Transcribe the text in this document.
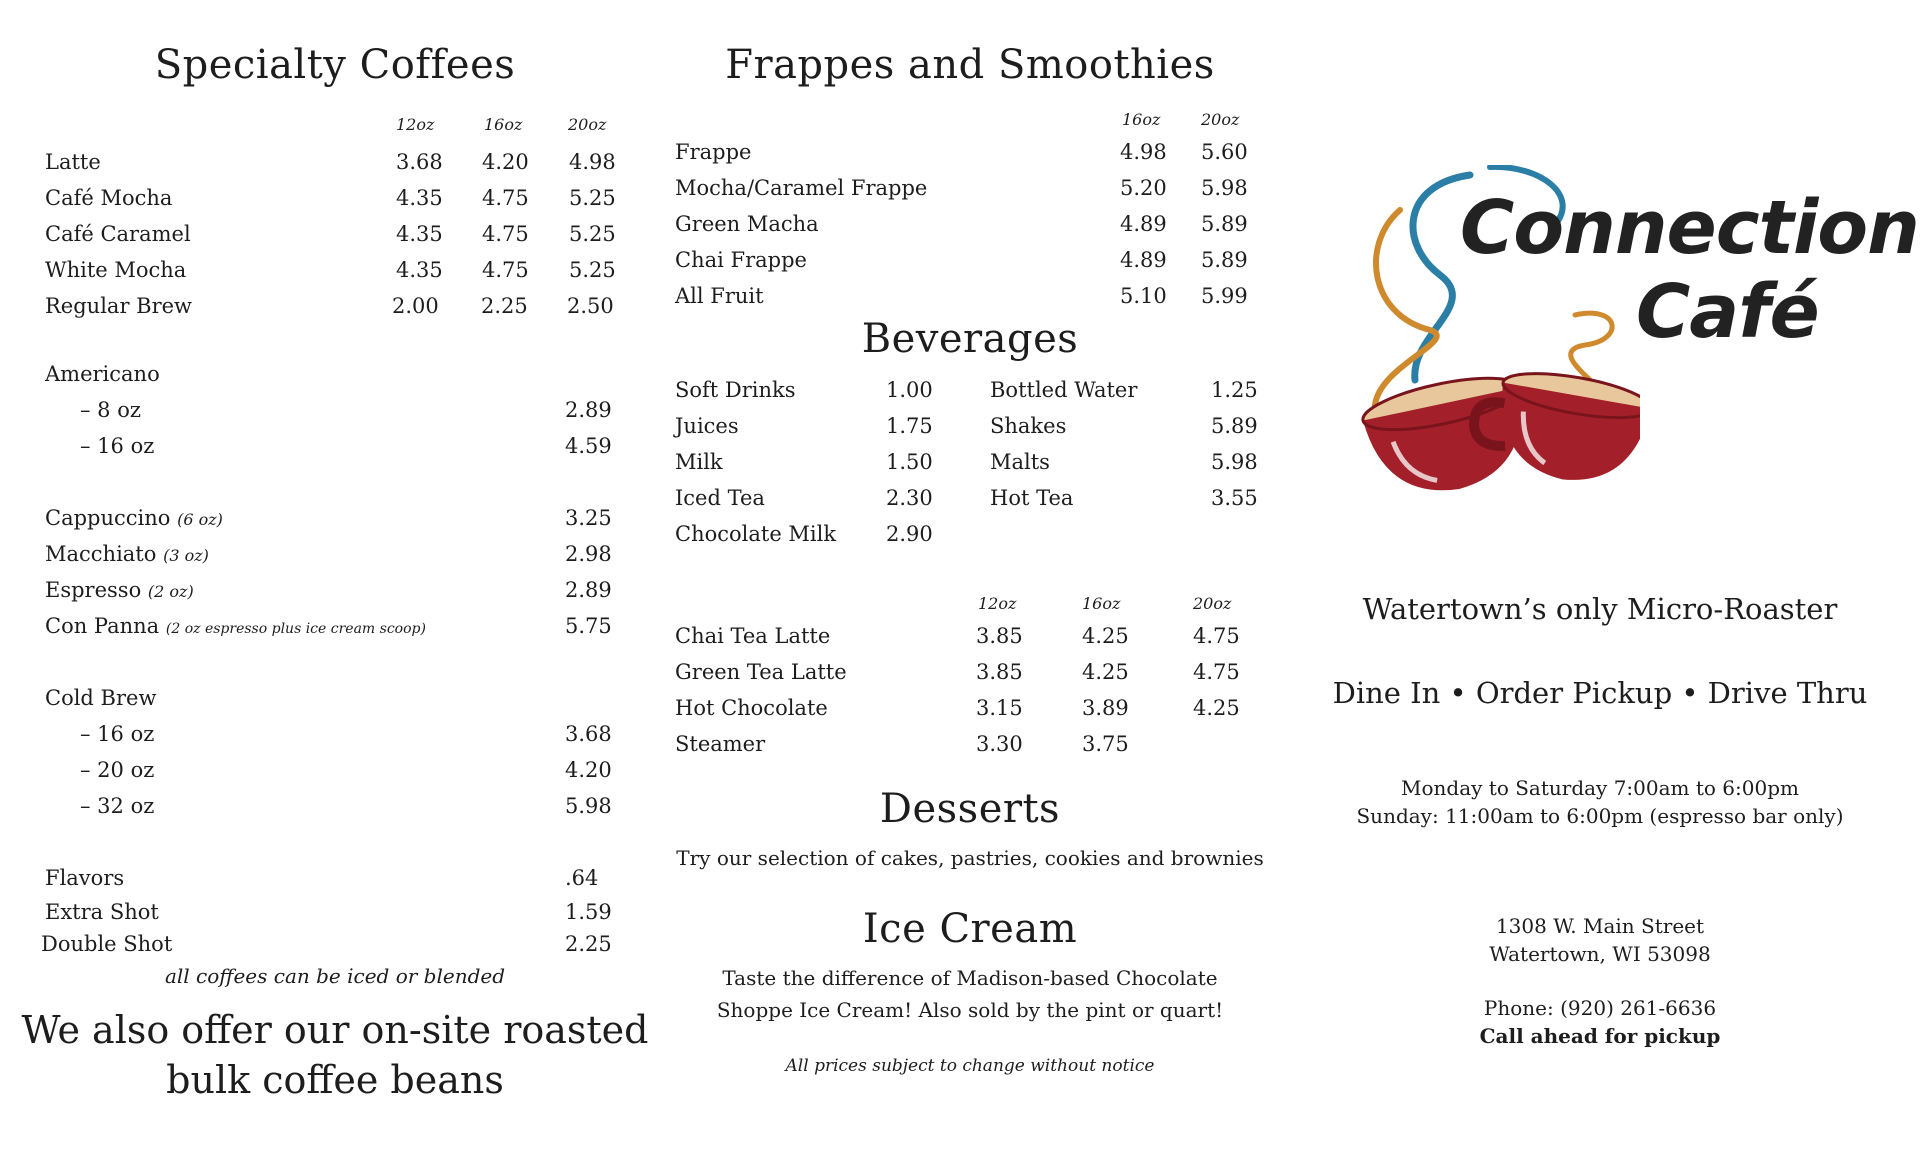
Specialty Coffees
12oz	16oz	20oz
Latte	3.68 4.20 4.98
Café Mocha	4.35 4.75 5.25
Café Caramel	4.35 4.75 5.25
White Mocha	4.35 4.75 5.25
Regular Brew	2.00 2.25 2.50
Americano
– 8 oz	2.89
– 16 oz	4.59
Cappuccino (6 oz)	3.25
Macchiato (3 oz)	2.98
Espresso (2 oz)	2.89
Con Panna (2 oz espresso plus ice cream scoop)	5.75
Cold Brew
– 16 oz	3.68
– 20 oz	4.20
– 32 oz	5.98
Flavors	.64
Extra Shot	1.59
Double Shot	2.25
all coffees can be iced or blended
We also offer our on-site roasted
bulk coffee beans
Frappes and Smoothies
16oz	20oz
Frappe	4.98 5.60
Mocha/Caramel Frappe	5.20 5.98
Green Macha	4.89 5.89
Chai Frappe	4.89 5.89
All Fruit	5.10 5.99
Beverages
Soft Drinks	1.00
Juices	1.75
Milk	1.50
Iced Tea	2.30
Chocolate Milk 2.90
Bottled Water	1.25
Shakes	5.89
Malts	5.98
Hot Tea	3.55
12oz	16oz	20oz
Chai Tea Latte	3.85	4.25	4.75
Green Tea Latte	3.85	4.25	4.75
Hot Chocolate	3.15	3.89	4.25
Steamer	3.30	3.75
Desserts
Try our selection of cakes, pastries, cookies and brownies
Ice Cream
Taste the difference of Madison-based Chocolate
Shoppe Ice Cream! Also sold by the pint or quart!
All prices subject to change without notice
Connection
Café
Watertown’s only Micro-Roaster
Dine In • Order Pickup • Drive Thru
Monday to Saturday 7:00am to 6:00pm
Sunday: 11:00am to 6:00pm (espresso bar only)
1308 W. Main Street
Watertown, WI 53098
Phone: (920) 261-6636
Call ahead for pickup
